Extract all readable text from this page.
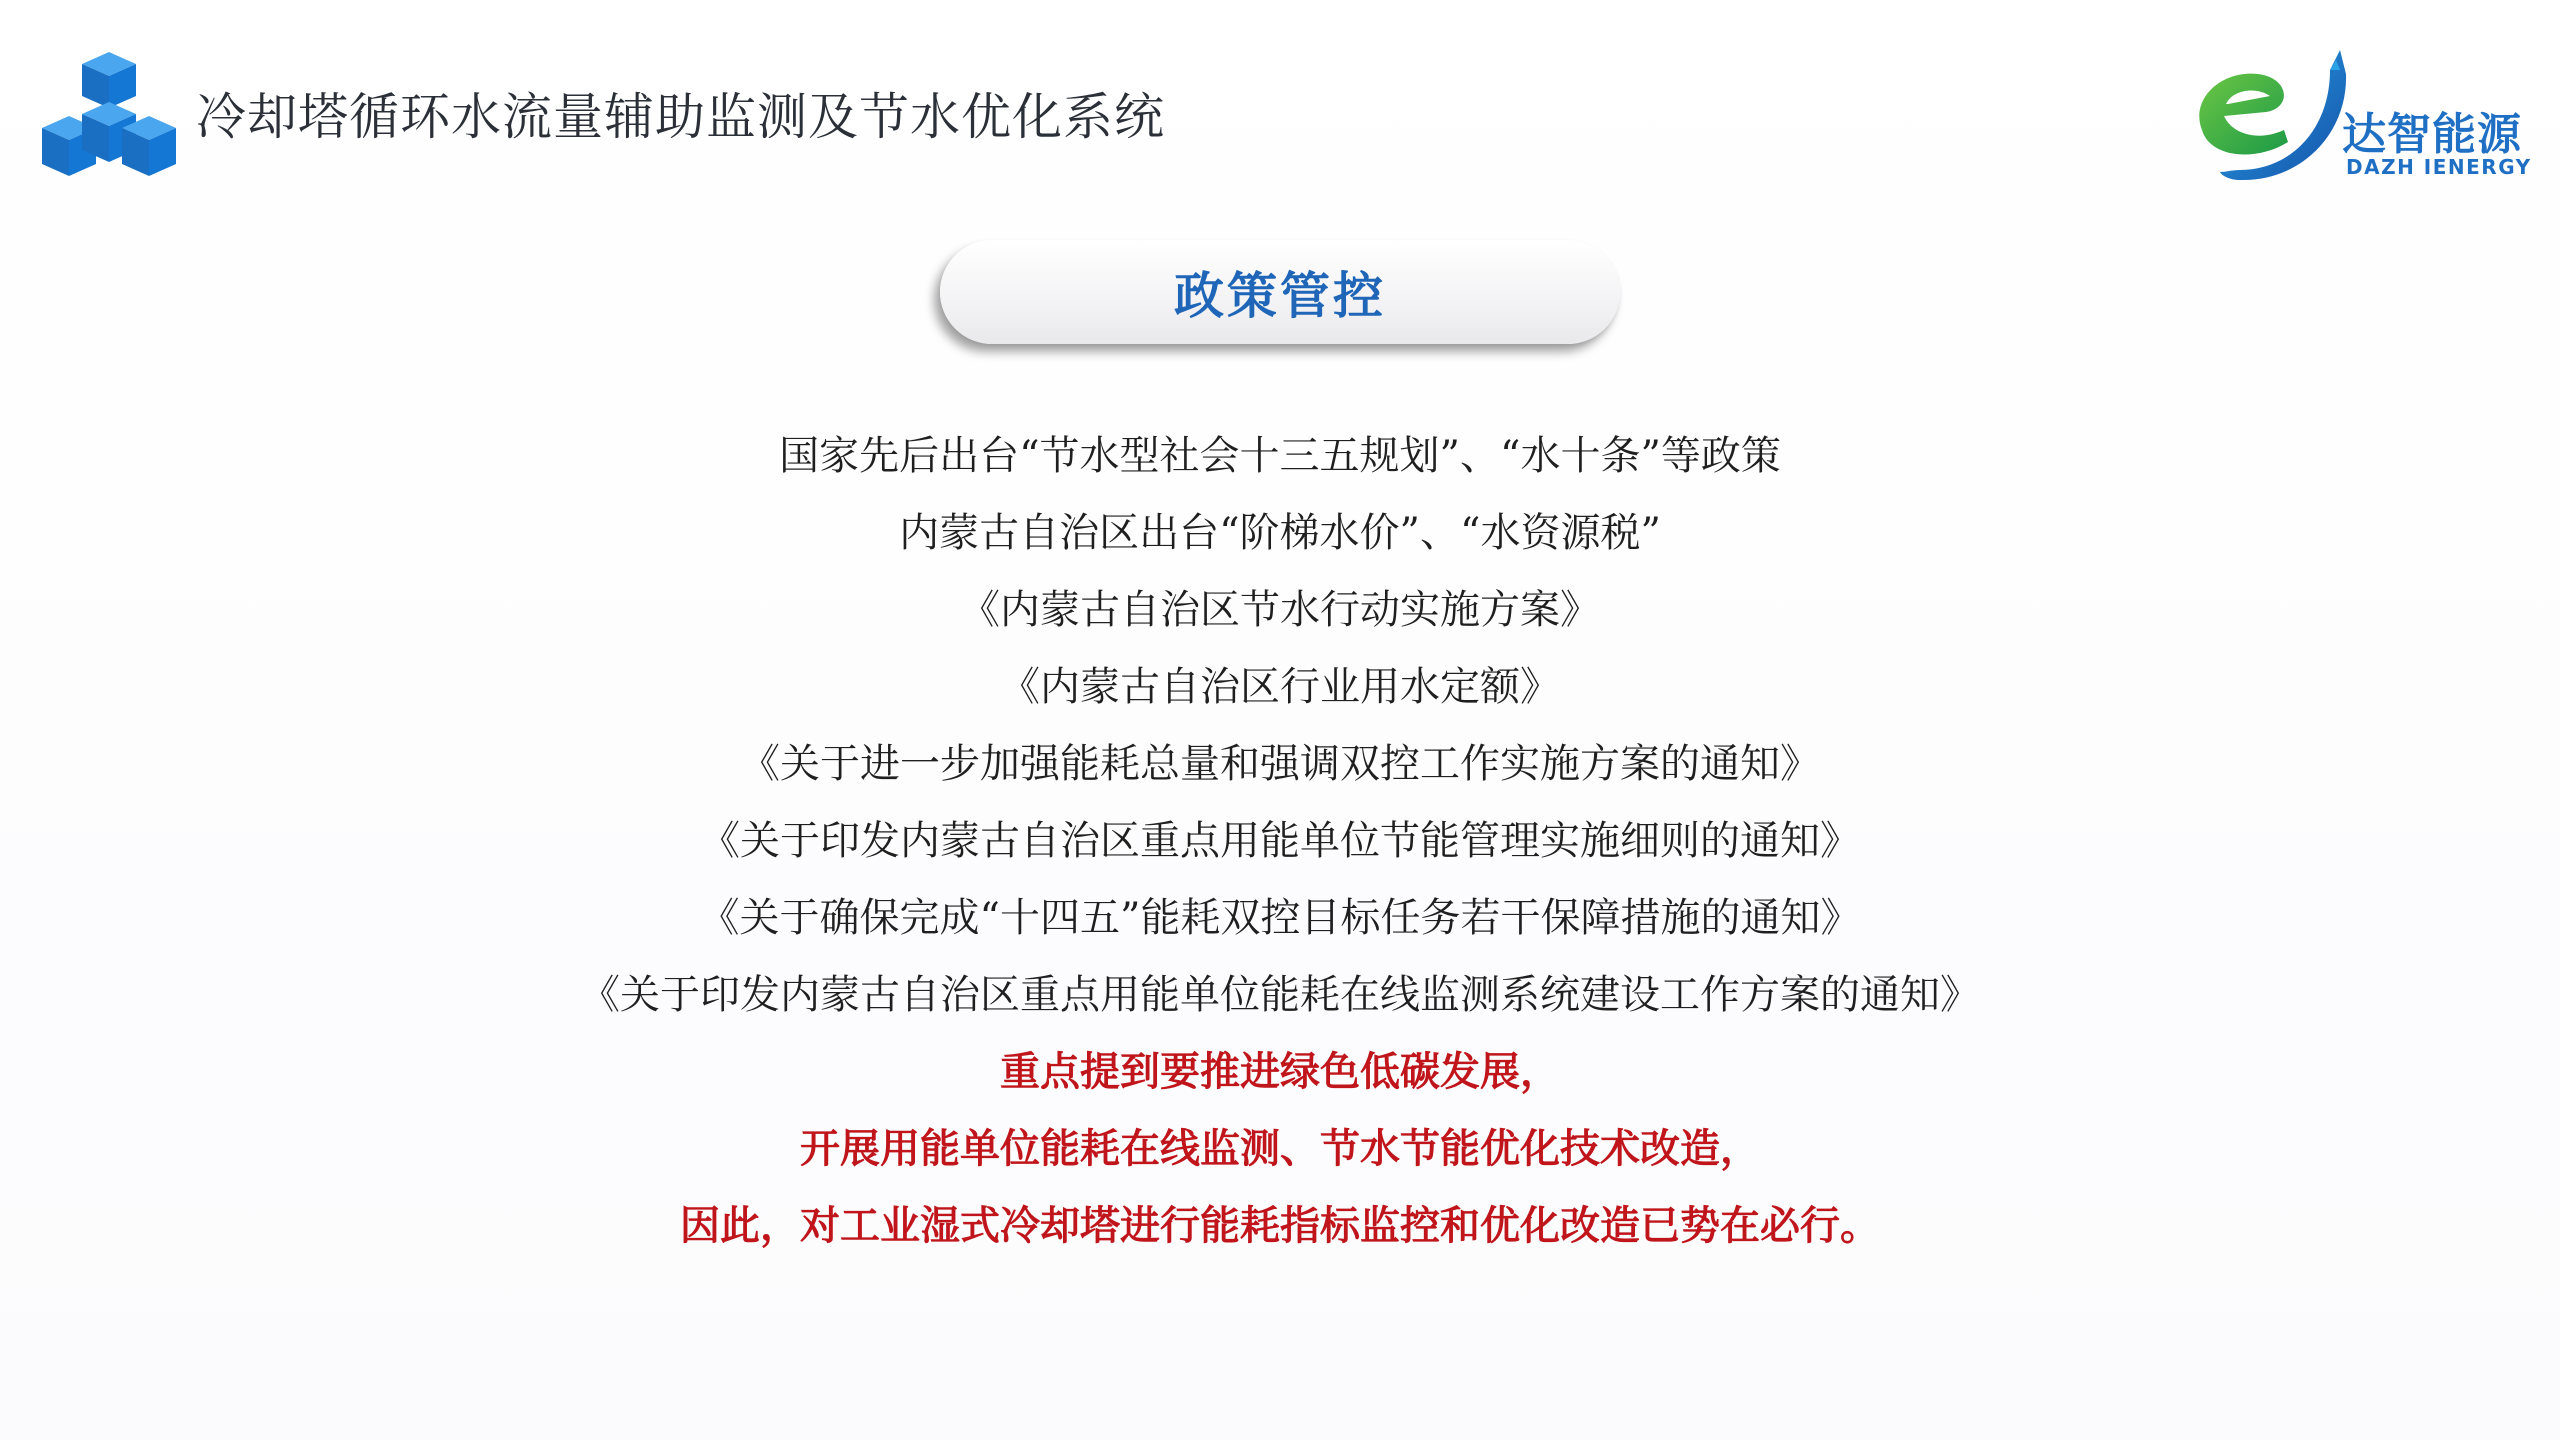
冷却塔循环水流量辅助监测及节水优化系统	达智能源
DAZH IENERGY
政策管控
国家先后出台“节水型社会十三五规划”、“水十条”等政策
内蒙古自治区出台“阶梯水价”、“水资源税”
《内蒙古自治区节水行动实施方案》
《内蒙古自治区行业用水定额》
《关于进一步加强能耗总量和强调双控工作实施方案的通知》
《关于印发内蒙古自治区重点用能单位节能管理实施细则的通知》
《关于确保完成“十四五”能耗双控目标任务若干保障措施的通知》
《关于印发内蒙古自治区重点用能单位能耗在线监测系统建设工作方案的通知》
重点提到要推进绿色低碳发展，
开展用能单位能耗在线监测、节水节能优化技术改造，
因此，对工业湿式冷却塔进行能耗指标监控和优化改造已势在必行。
